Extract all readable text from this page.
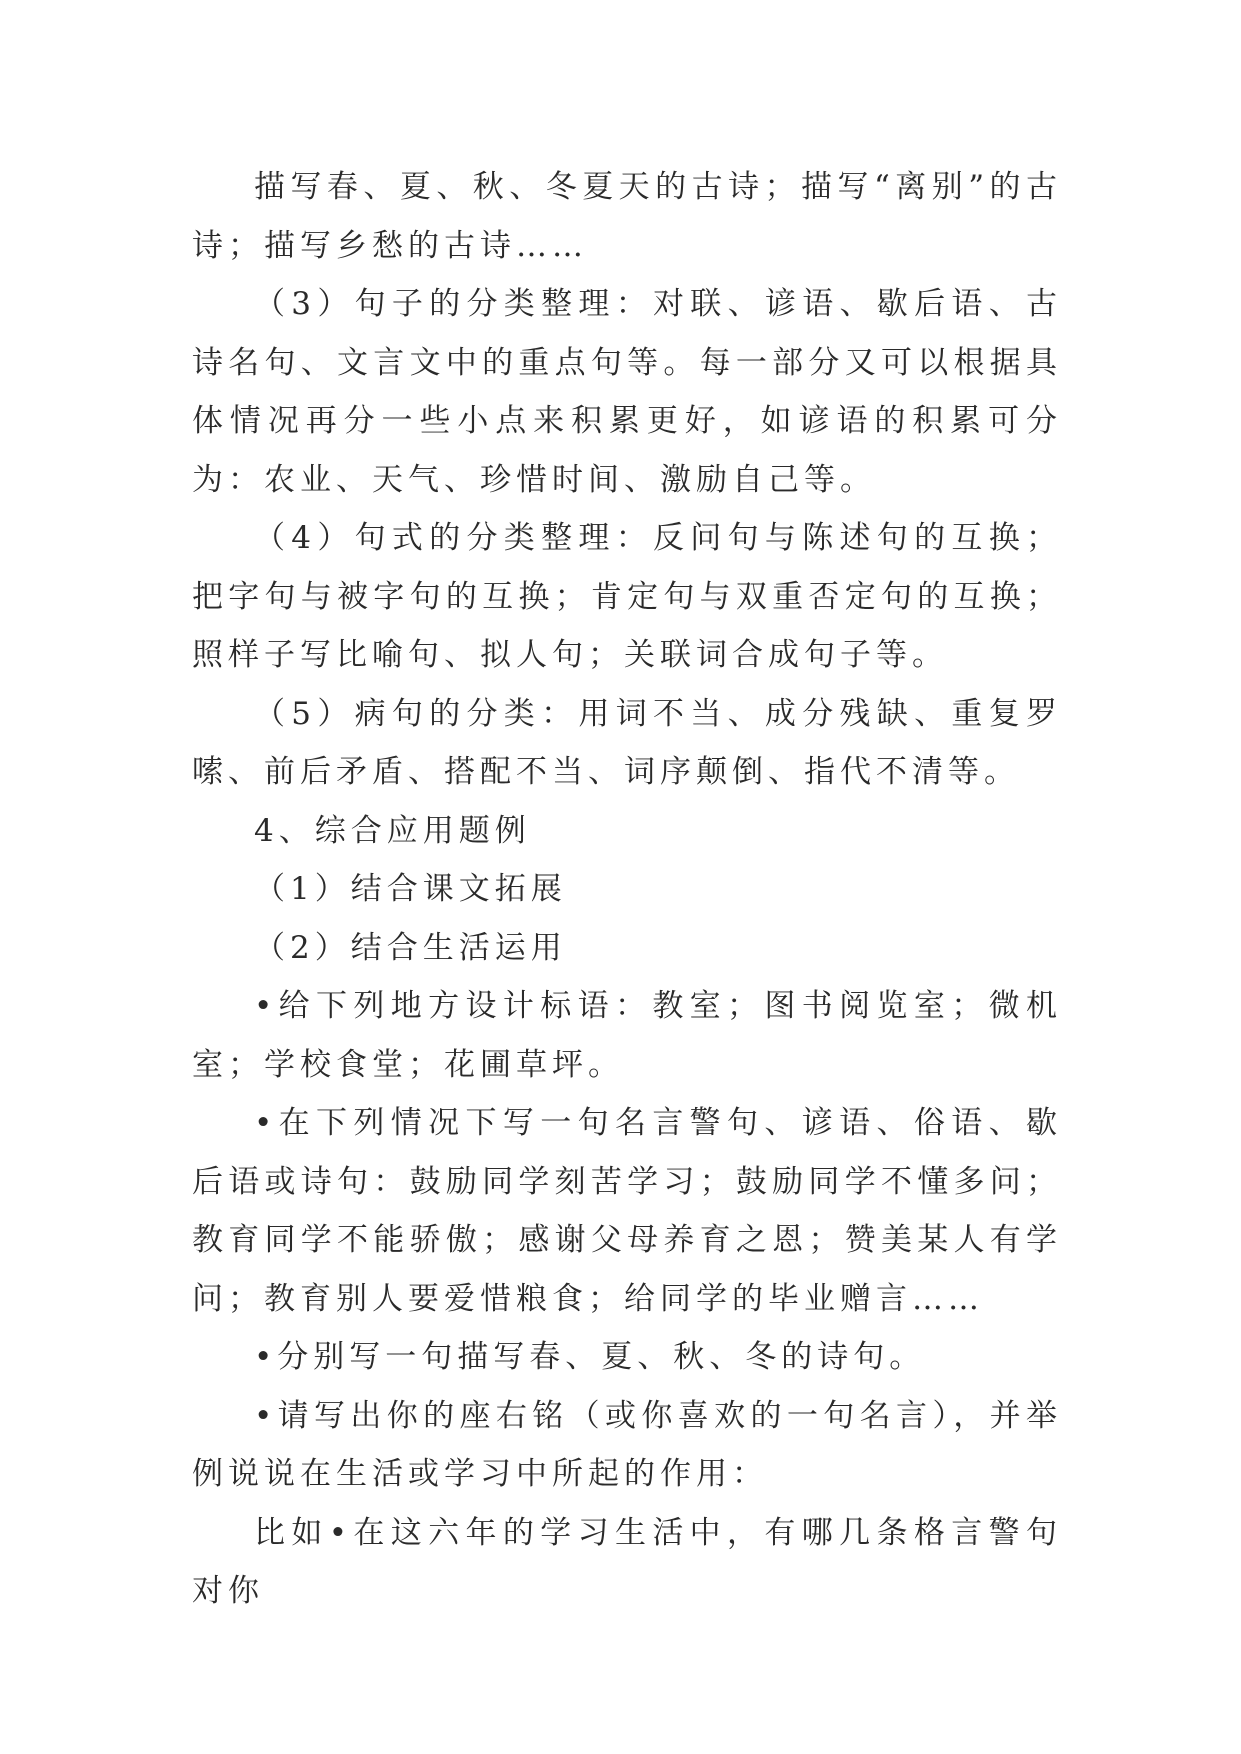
描写春、夏、秋、冬夏天的古诗；描写“离别”的古诗；描写乡愁的古诗……

（3）句子的分类整理：对联、谚语、歇后语、古诗名句、文言文中的重点句等。每一部分又可以根据具体情况再分一些小点来积累更好，如谚语的积累可分为：农业、天气、珍惜时间、激励自己等。

（4）句式的分类整理：反问句与陈述句的互换；把字句与被字句的互换；肯定句与双重否定句的互换；照样子写比喻句、拟人句；关联词合成句子等。

（5）病句的分类：用词不当、成分残缺、重复罗嗦、前后矛盾、搭配不当、词序颠倒、指代不清等。

4、综合应用题例

（1）结合课文拓展

（2）结合生活运用

•给下列地方设计标语：教室；图书阅览室；微机室；学校食堂；花圃草坪。

•在下列情况下写一句名言警句、谚语、俗语、歇后语或诗句：鼓励同学刻苦学习；鼓励同学不懂多问；教育同学不能骄傲；感谢父母养育之恩；赞美某人有学问；教育别人要爱惜粮食；给同学的毕业赠言……

•分别写一句描写春、夏、秋、冬的诗句。

•请写出你的座右铭（或你喜欢的一句名言），并举例说说在生活或学习中所起的作用：

比如•在这六年的学习生活中，有哪几条格言警句对你
